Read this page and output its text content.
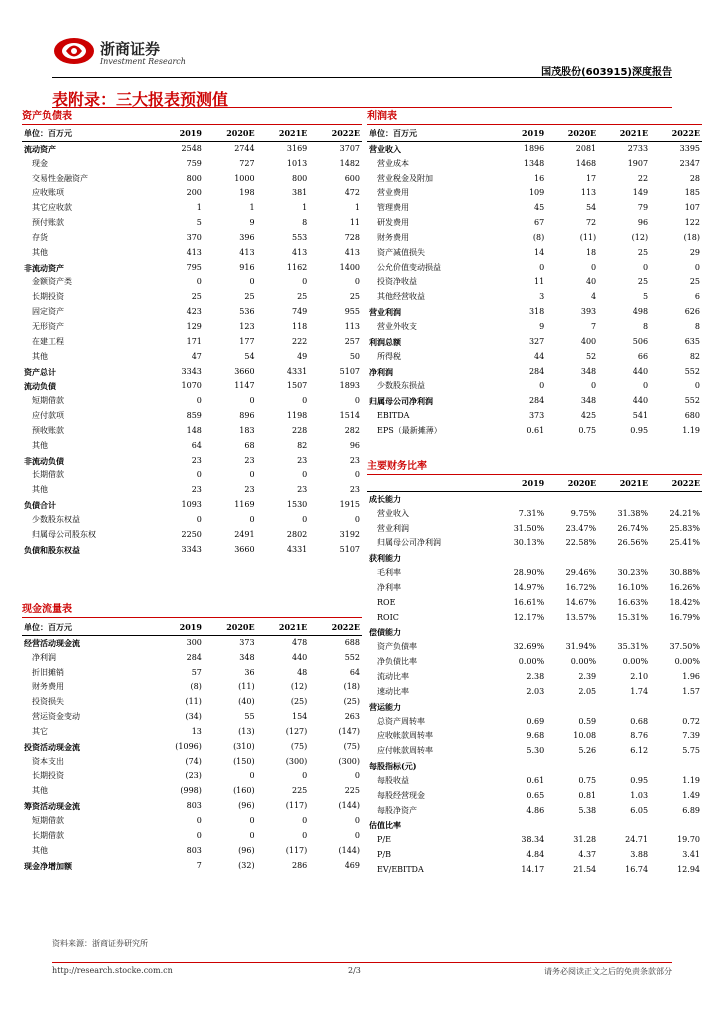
浙商证券
Investment Research
国茂股份(603915)深度报告
表附录：三大报表预测值
资产负债表	利润表
现金流量表
主要财务比率
单位：百万元	2019	2020E	2021E	2022E
流动资产	2548	2744	3169	3707
现金	759	727	1013	1482
交易性金融资产	800	1000	800	600
应收账项	200	198	381	472
其它应收款	1	1	1	1
预付账款	5	9	8	11
存货	370	396	553	728
其他	413	413	413	413
非流动资产	795	916	1162	1400
金额资产类	0	0	0	0
长期投资	25	25	25	25
固定资产	423	536	749	955
无形资产	129	123	118	113
在建工程	171	177	222	257
其他	47	54	49	50
资产总计	3343	3660	4331	5107
流动负债	1070	1147	1507	1893
短期借款	0	0	0	0
应付款项	859	896	1198	1514
预收账款	148	183	228	282
其他	64	68	82	96
非流动负债	23	23	23	23
长期借款	0	0	0	0
其他	23	23	23	23
负债合计	1093	1169	1530	1915
少数股东权益	0	0	0	0
归属母公司股东权	2250	2491	2802	3192
负债和股东权益	3343	3660	4331	5107
单位：百万元	2019	2020E	2021E	2022E
经营活动现金流	300	373	478	688
净利润	284	348	440	552
折旧摊销	57	36	48	64
财务费用	(8)	(11)	(12)	(18)
投资损失	(11)	(40)	(25)	(25)
营运资金变动	(34)	55	154	263
其它	13	(13)	(127)	(147)
投资活动现金流	(1096)	(310)	(75)	(75)
资本支出	(74)	(150)	(300)	(300)
长期投资	(23)	0	0	0
其他	(998)	(160)	225	225
筹资活动现金流	803	(96)	(117)	(144)
短期借款	0	0	0	0
长期借款	0	0	0	0
其他	803	(96)	(117)	(144)
现金净增加额	7	(32)	286	469
单位：百万元	2019	2020E	2021E	2022E
营业收入	1896	2081	2733	3395
营业成本	1348	1468	1907	2347
营业税金及附加	16	17	22	28
营业费用	109	113	149	185
管理费用	45	54	79	107
研发费用	67	72	96	122
财务费用	(8)	(11)	(12)	(18)
资产减值损失	14	18	25	29
公允价值变动损益	0	0	0	0
投资净收益	11	40	25	25
其他经营收益	3	4	5	6
营业利润	318	393	498	626
营业外收支	9	7	8	8
利润总额	327	400	506	635
所得税	44	52	66	82
净利润	284	348	440	552
少数股东损益	0	0	0	0
归属母公司净利润	284	348	440	552
EBITDA	373	425	541	680
EPS（最新摊薄）	0.61	0.75	0.95	1.19
	2019	2020E	2021E	2022E
成长能力				
营业收入	7.31%	9.75%	31.38%	24.21%
营业利润	31.50%	23.47%	26.74%	25.83%
归属母公司净利润	30.13%	22.58%	26.56%	25.41%
获利能力				
毛利率	28.90%	29.46%	30.23%	30.88%
净利率	14.97%	16.72%	16.10%	16.26%
ROE	16.61%	14.67%	16.63%	18.42%
ROIC	12.17%	13.57%	15.31%	16.79%
偿债能力				
资产负债率	32.69%	31.94%	35.31%	37.50%
净负债比率	0.00%	0.00%	0.00%	0.00%
流动比率	2.38	2.39	2.10	1.96
速动比率	2.03	2.05	1.74	1.57
营运能力				
总资产周转率	0.69	0.59	0.68	0.72
应收帐款周转率	9.68	10.08	8.76	7.39
应付帐款周转率	5.30	5.26	6.12	5.75
每股指标(元)				
每股收益	0.61	0.75	0.95	1.19
每股经营现金	0.65	0.81	1.03	1.49
每股净资产	4.86	5.38	6.05	6.89
估值比率				
P/E	38.34	31.28	24.71	19.70
P/B	4.84	4.37	3.88	3.41
EV/EBITDA	14.17	21.54	16.74	12.94
资料来源：浙商证券研究所
http://research.stocke.com.cn	2/3	请务必阅读正文之后的免责条款部分
